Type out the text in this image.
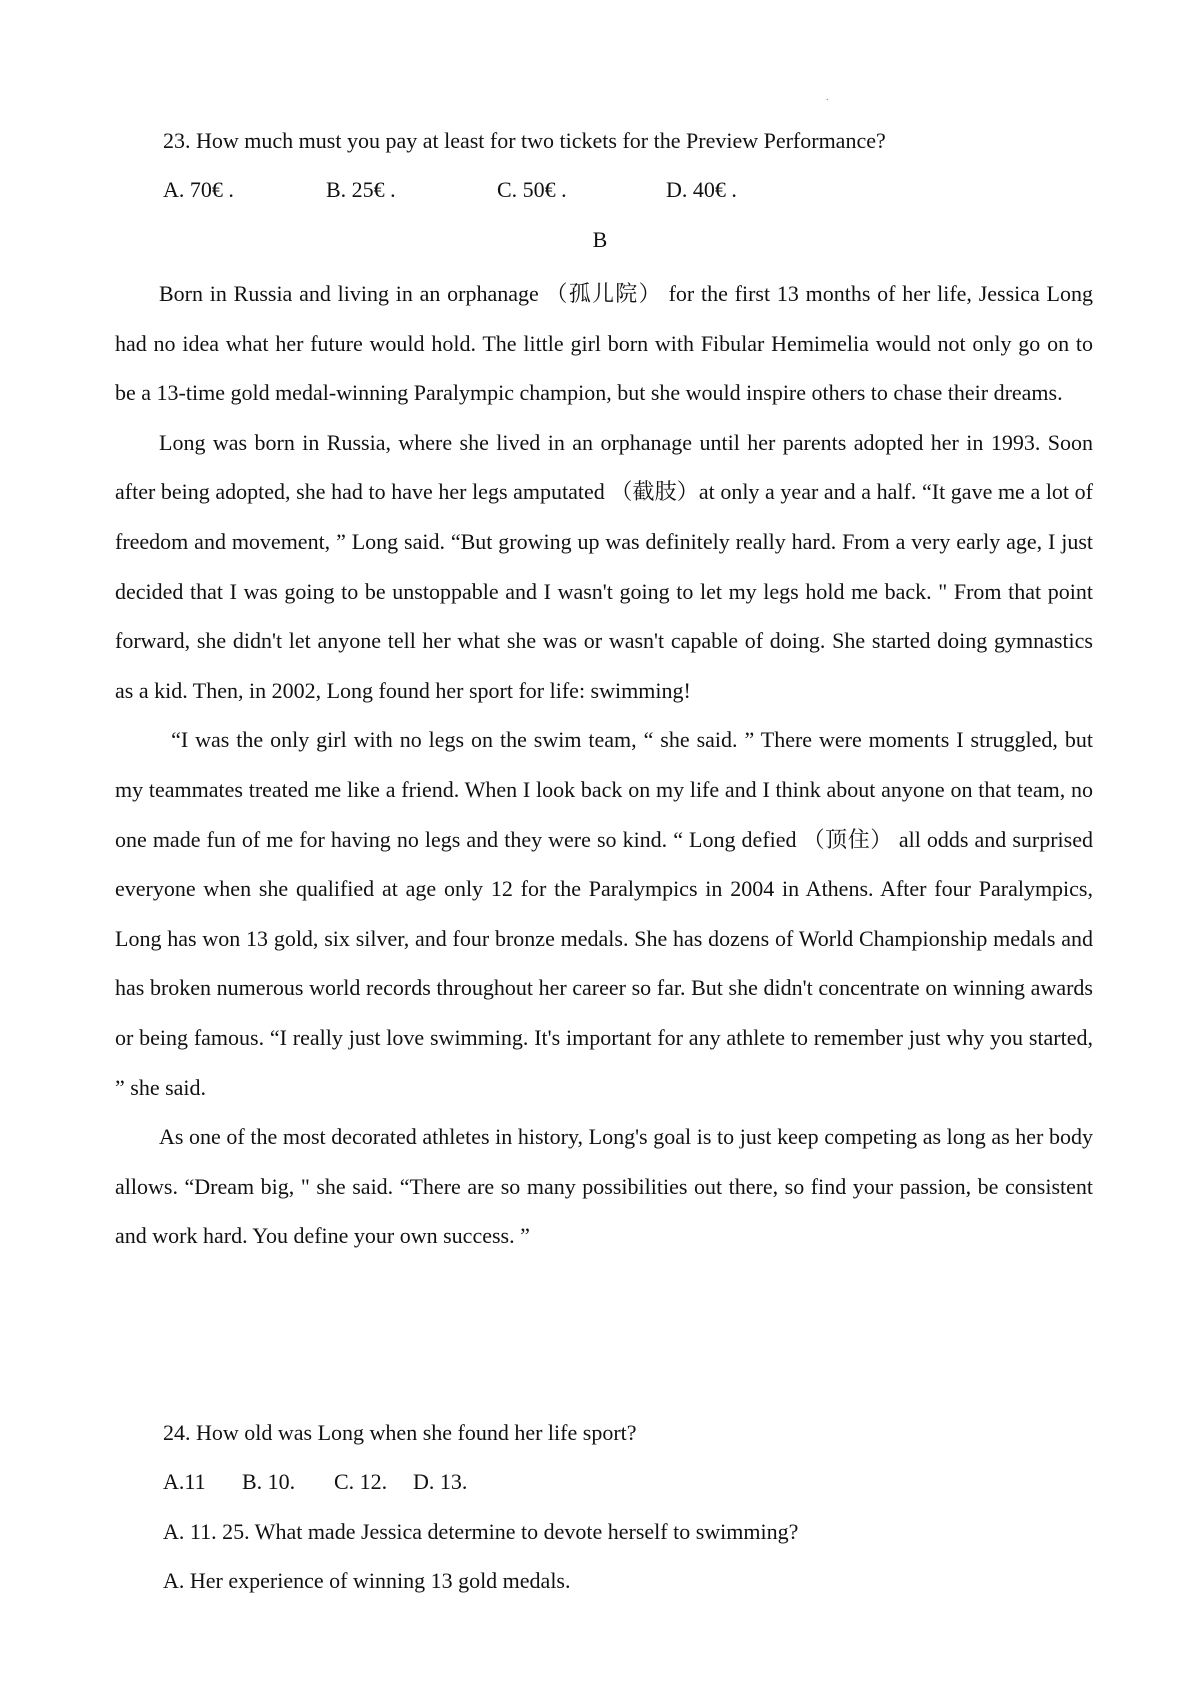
.
23. How much must you pay at least for two tickets for the Preview Performance?
A. 70€ .	B. 25€ .	C. 50€ .	D. 40€ .
B

Born in Russia and living in an orphanage （孤儿院） for the first 13 months of her life, Jessica Long had no idea what her future would hold. The little girl born with Fibular Hemimelia would not only go on to be a 13-time gold medal-winning Paralympic champion, but she would inspire others to chase their dreams.

Long was born in Russia, where she lived in an orphanage until her parents adopted her in 1993. Soon after being adopted, she had to have her legs amputated （截肢）at only a year and a half. “It gave me a lot of freedom and movement, ” Long said. “But growing up was definitely really hard. From a very early age, I just decided that I was going to be unstoppable and I wasn't going to let my legs hold me back. " From that point forward, she didn't let anyone tell her what she was or wasn't capable of doing. She started doing gymnastics as a kid. Then, in 2002, Long found her sport for life: swimming!

“I was the only girl with no legs on the swim team, “ she said. ” There were moments I struggled, but my teammates treated me like a friend. When I look back on my life and I think about anyone on that team, no one made fun of me for having no legs and they were so kind. “ Long defied （顶住） all odds and surprised everyone when she qualified at age only 12 for the Paralympics in 2004 in Athens. After four Paralympics, Long has won 13 gold, six silver, and four bronze medals. She has dozens of World Championship medals and has broken numerous world records throughout her career so far. But she didn't concentrate on winning awards or being famous. “I really just love swimming. It's important for any athlete to remember just why you started, ” she said.

As one of the most decorated athletes in history, Long's goal is to just keep competing as long as her body allows. “Dream big, " she said. “There are so many possibilities out there, so find your passion, be consistent and work hard. You define your own success. ”

24. How old was Long when she found her life sport?
A.11 B. 10. C. 12. D. 13.
A. 11. 25. What made Jessica determine to devote herself to swimming?
A. Her experience of winning 13 gold medals.
